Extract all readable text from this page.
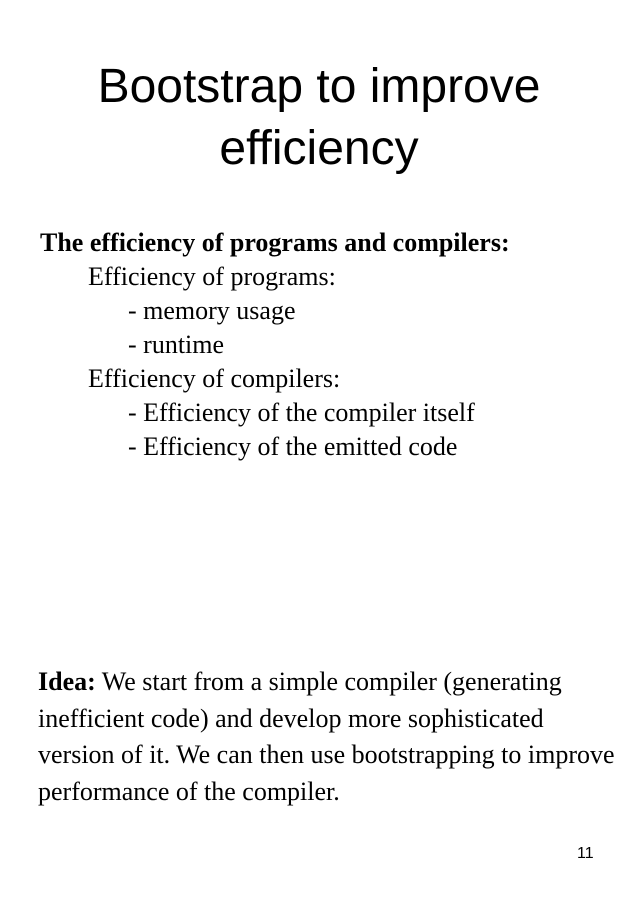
Bootstrap to improve
efficiency

The efficiency of programs and compilers:

Efficiency of programs:

- memory usage

- runtime

Efficiency of compilers:

- Efficiency of the compiler itself

- Efficiency of the emitted code

Idea: We start from a simple compiler (generating inefficient code) and develop more sophisticated version of it. We can then use bootstrapping to improve performance of the compiler.

11
